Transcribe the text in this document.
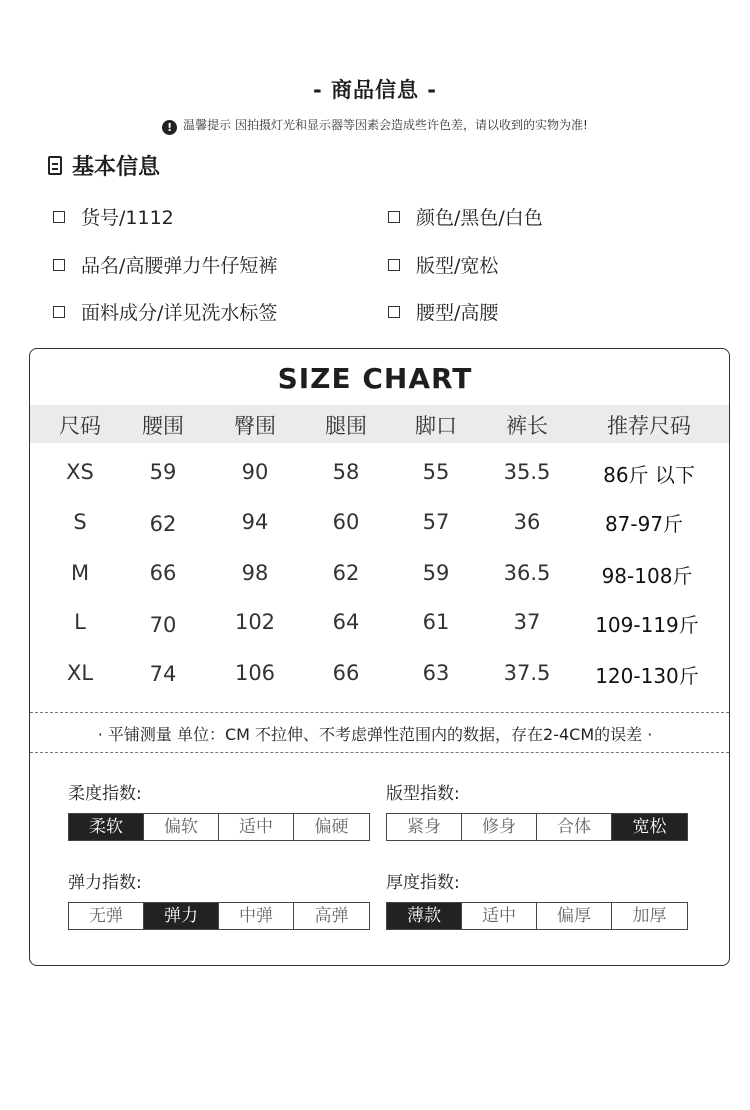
- 商品信息 -
! 温馨提示 因拍摄灯光和显示器等因素会造成些许色差，请以收到的实物为准!
基本信息
货号/1112	颜色/黑色/白色
品名/高腰弹力牛仔短裤	版型/宽松
面料成分/详见洗水标签	腰型/高腰
SIZE CHART
尺码	腰围	臀围	腿围	脚口	裤长	推荐尺码
XS	59	90	58	55	35.5	86斤 以下
S	62	94	60	57	36	87-97斤
M	66	98	62	59	36.5	98-108斤
L	70	102	64	61	37	109-119斤
XL	74	106	66	63	37.5	120-130斤
· 平铺测量 单位：CM 不拉伸、不考虑弹性范围内的数据，存在2-4CM的误差 ·
柔度指数:
柔软	偏软	适中	偏硬
版型指数:
紧身	修身	合体	宽松
弹力指数:
无弹	弹力	中弹	高弹
厚度指数:
薄款	适中	偏厚	加厚
